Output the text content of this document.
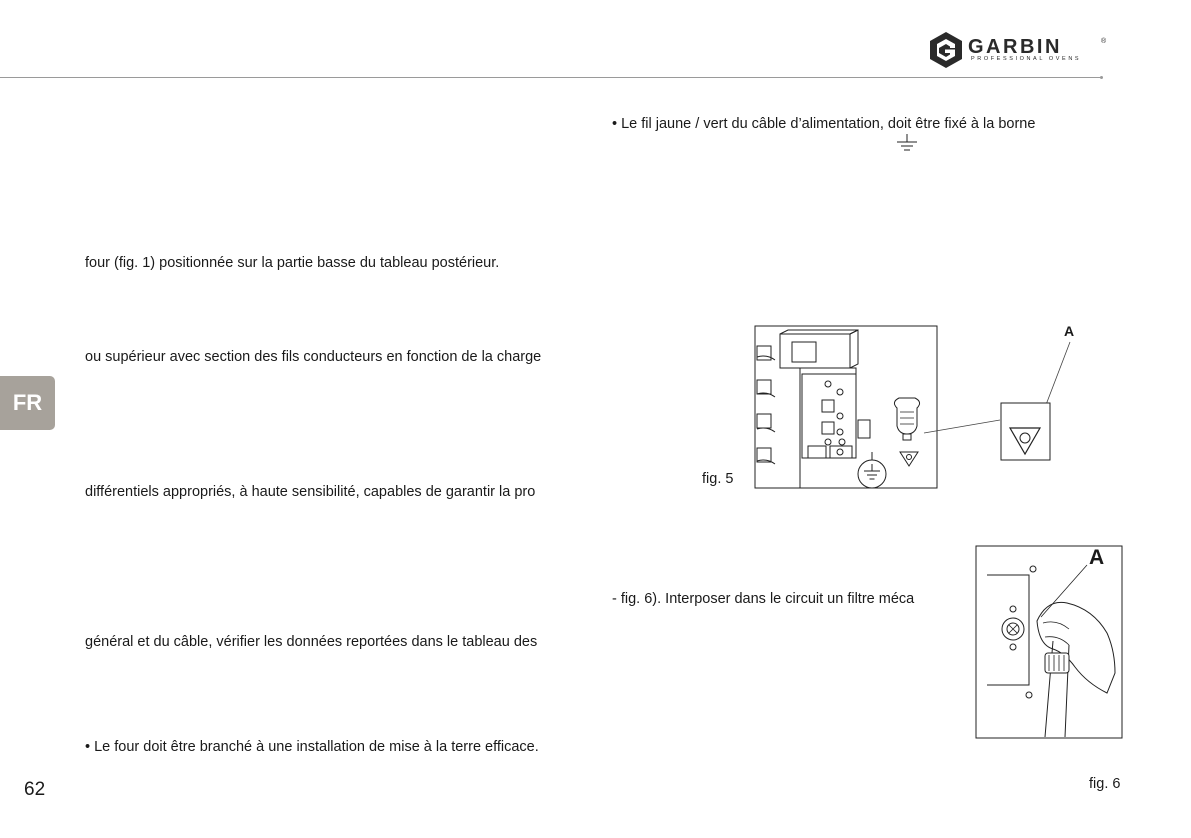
GARBIN	®
PROFESSIONAL OVENS
FR
four (fig. 1) positionnée sur la partie basse du tableau postérieur.
ou supérieur avec section des fils conducteurs en fonction de la charge
différentiels appropriés, à haute sensibilité, capables de garantir la pro
général et du câble, vérifier les données reportées dans le tableau des
• Le four doit être branché à une installation de mise à la terre efficace.
• Le fil jaune / vert du câble d’alimentation, doit être fixé à la borne
- fig. 6). Interposer dans le circuit un filtre méca
A
fig. 5
A
fig. 6
62
